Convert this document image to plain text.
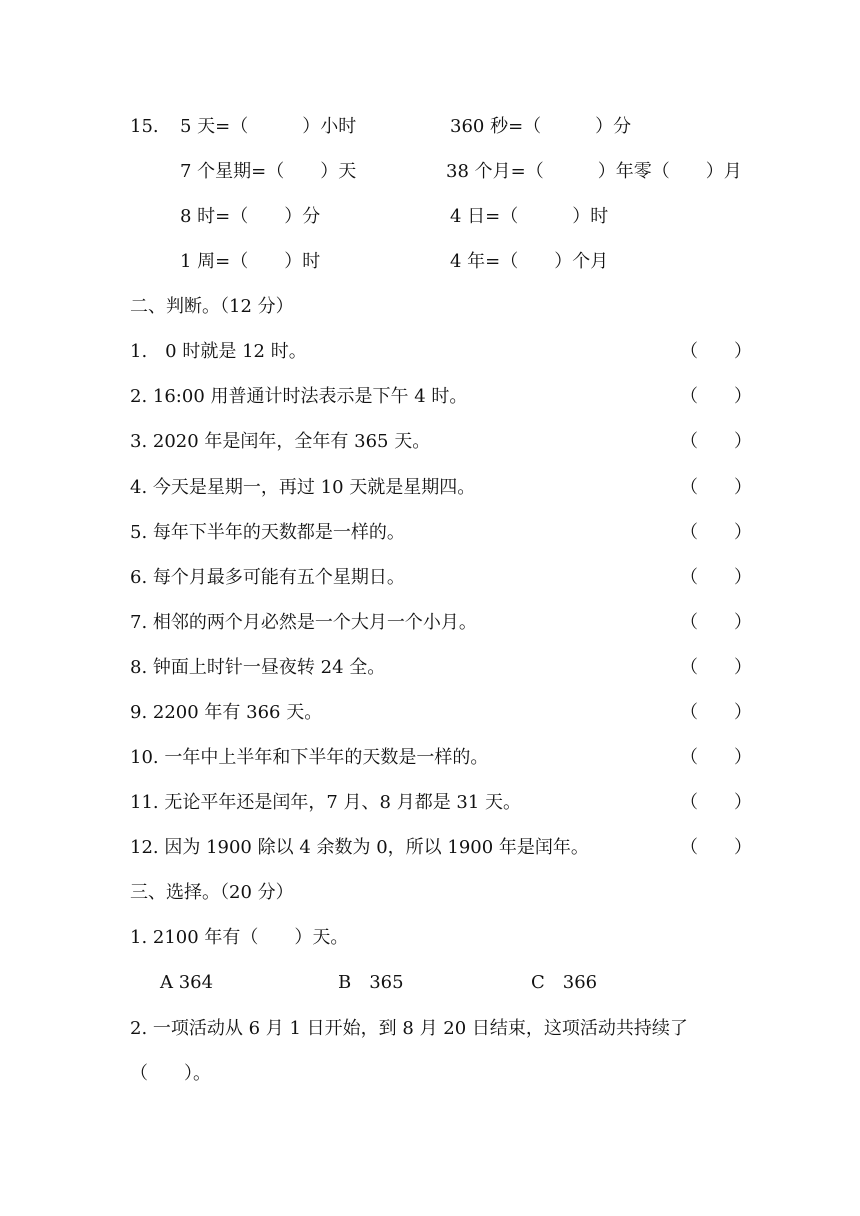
15. 5 天=（　　　）小时	360 秒=（　　　）分
7 个星期=（　　）天	38 个月=（　　　）年零（　　）月
8 时=（　　）分	4 日=（　　　）时
1 周=（　　）时	4 年=（　　）个月
二、判断。（12 分）
1.　0 时就是 12 时。	（　　）
2. 16:00 用普通计时法表示是下午 4 时。	（　　）
3. 2020 年是闰年，全年有 365 天。	（　　）
4. 今天是星期一，再过 10 天就是星期四。	（　　）
5. 每年下半年的天数都是一样的。	（　　）
6. 每个月最多可能有五个星期日。	（　　）
7. 相邻的两个月必然是一个大月一个小月。	（　　）
8. 钟面上时针一昼夜转 24 全。	（　　）
9. 2200 年有 366 天。	（　　）
10. 一年中上半年和下半年的天数是一样的。	（　　）
11. 无论平年还是闰年，7 月、8 月都是 31 天。	（　　）
12. 因为 1900 除以 4 余数为 0，所以 1900 年是闰年。	（　　）
三、选择。（20 分）
1. 2100 年有（　　）天。
A 364	B　365	C　366
2. 一项活动从 6 月 1 日开始，到 8 月 20 日结束，这项活动共持续了
（　　）。
